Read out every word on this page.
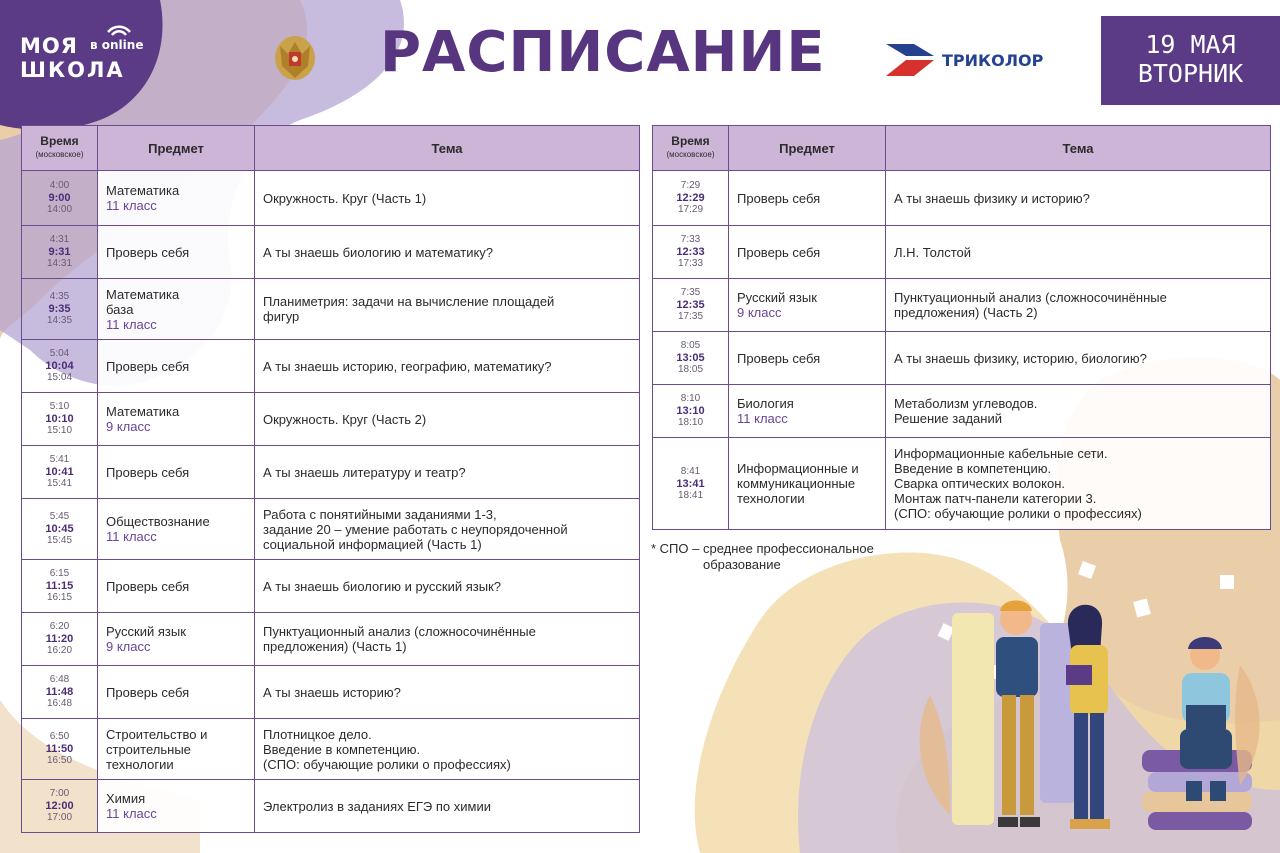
МОЯ в online
ШКОЛА	РАСПИСАНИЕ	ТРИКОЛОР
19 МАЯ
ВТОРНИК
Время
(московское)	Предмет	Тема

4:00
9:00
14:00	Математика
11 класс	Окружность. Круг (Часть 1)

4:31
9:31
14:31	Проверь себя	А ты знаешь биологию и математику?

4:35
9:35
14:35	Математика
база
11 класс	Планиметрия: задачи на вычисление площадей
фигур

5:04
10:04
15:04	Проверь себя	А ты знаешь историю, географию, математику?

5:10
10:10
15:10	Математика
9 класс	Окружность. Круг (Часть 2)

5:41
10:41
15:41	Проверь себя	А ты знаешь литературу и театр?

5:45
10:45
15:45	Обществознание
11 класс	Работа с понятийными заданиями 1-3,
задание 20 – умение работать с неупорядоченной
социальной информацией (Часть 1)

6:15
11:15
16:15	Проверь себя	А ты знаешь биологию и русский язык?

6:20
11:20
16:20	Русский язык
9 класс	Пунктуационный анализ (сложносочинённые
предложения) (Часть 1)

6:48
11:48
16:48	Проверь себя	А ты знаешь историю?

6:50
11:50
16:50	Строительство и
строительные
технологии	Плотницкое дело.
Введение в компетенцию.
(СПО: обучающие ролики о профессиях)

7:00
12:00
17:00	Химия
11 класс	Электролиз в заданиях ЕГЭ по химии
Время
(московское)	Предмет	Тема

7:29
12:29
17:29	Проверь себя	А ты знаешь физику и историю?

7:33
12:33
17:33	Проверь себя	Л.Н. Толстой

7:35
12:35
17:35	Русский язык
9 класс	Пунктуационный анализ (сложносочинённые
предложения) (Часть 2)

8:05
13:05
18:05	Проверь себя	А ты знаешь физику, историю, биологию?

8:10
13:10
18:10	Биология
11 класс	Метаболизм углеводов.
Решение заданий

8:41
13:41
18:41	Информационные и
коммуникационные
технологии	Информационные кабельные сети.
Введение в компетенцию.
Сварка оптических волокон.
Монтаж патч-панели категории 3.
(СПО: обучающие ролики о профессиях)
* СПО – среднее профессиональное
образование
